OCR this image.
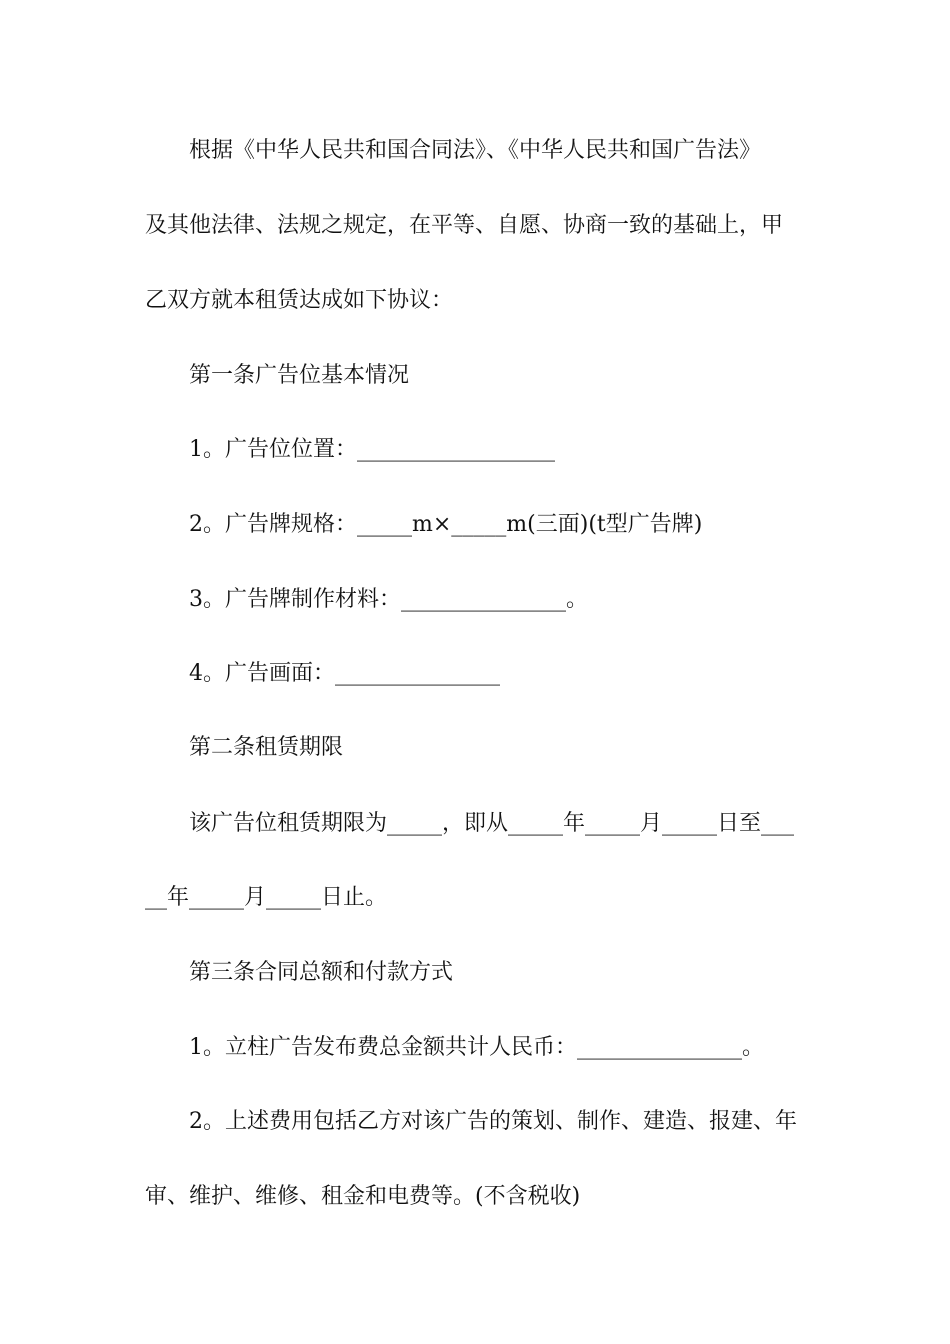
根据《中华人民共和国合同法》、《中华人民共和国广告法》
及其他法律、法规之规定，在平等、自愿、协商一致的基础上，甲
乙双方就本租赁达成如下协议：
第一条广告位基本情况
1。广告位位置：__________________
2。广告牌规格：_____m×_____m(三面)(t型广告牌)
3。广告牌制作材料：_______________。
4。广告画面：_______________
第二条租赁期限
该广告位租赁期限为_____，即从_____年_____月_____日至___
__年_____月_____日止。
第三条合同总额和付款方式
1。立柱广告发布费总金额共计人民币：_______________。
2。上述费用包括乙方对该广告的策划、制作、建造、报建、年
审、维护、维修、租金和电费等。(不含税收)
